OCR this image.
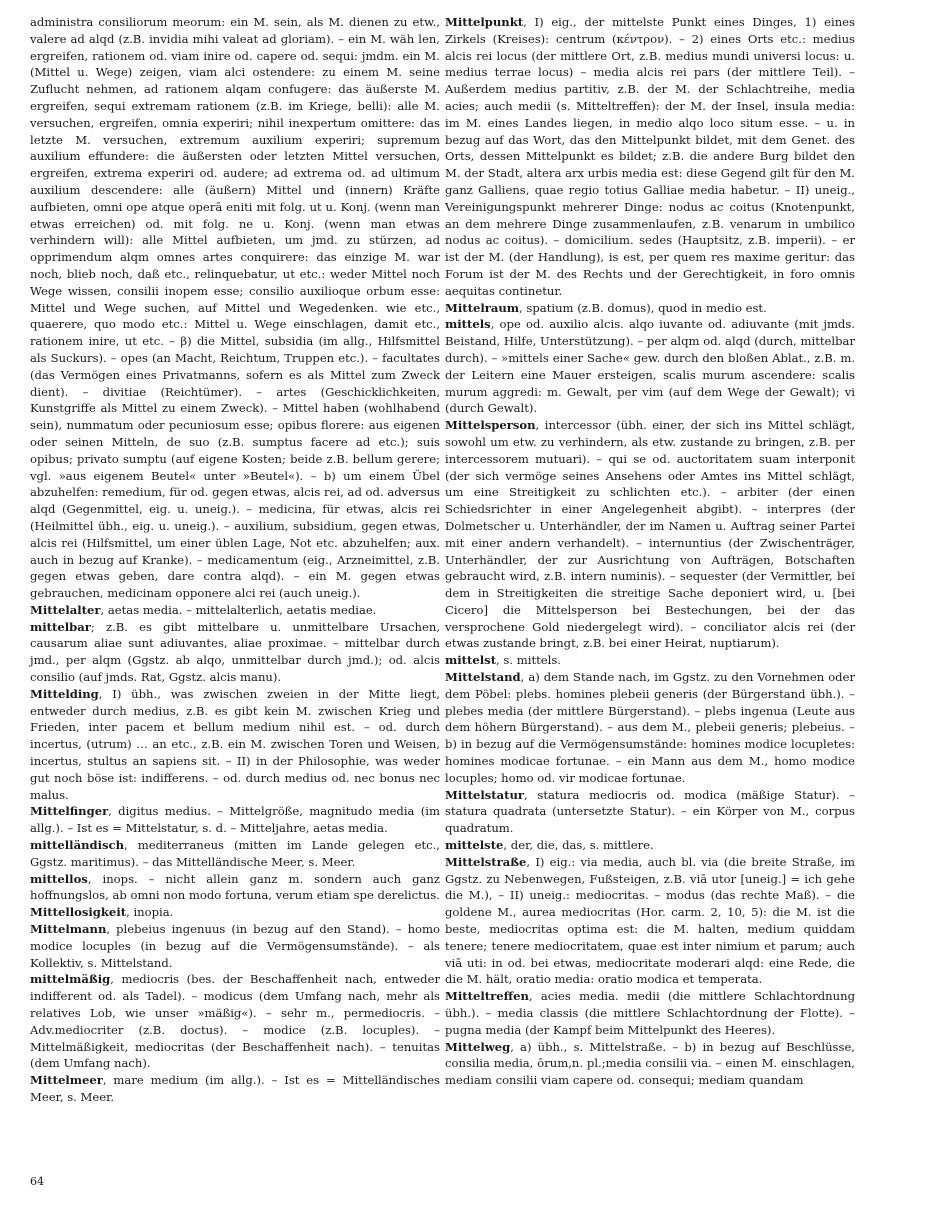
administra consiliorum meorum: ein M. sein, als M. dienen zu etw., valere ad alqd (z.B. invidia mihi valeat ad gloriam). – ein M. wäh len, ergreifen, rationem od. viam inire od. capere od. sequi: jmdm. ein M. (Mittel u. Wege) zeigen, viam alci ostendere: zu einem M. seine Zuflucht nehmen, ad rationem alqam confugere: das äußerste M. ergreifen, sequi extremam rationem (z.B. im Kriege, belli): alle M. versuchen, ergreifen, omnia experiri; nihil inexpertum omittere: das letzte M. versuchen, extremum auxilium experiri; supremum auxilium effundere: die äußersten oder letzten Mittel versuchen, ergreifen, extrema experiri od. audere; ad extrema od. ad ultimum auxilium descendere: alle (äußern) Mittel und (innern) Kräfte aufbieten, omni ope atque operā eniti mit folg. ut u. Konj. (wenn man etwas erreichen) od. mit folg. ne u. Konj. (wenn man etwas verhindern will): alle Mittel aufbieten, um jmd. zu stürzen, ad opprimendum alqm omnes artes conquirere: das einzige M. war noch, blieb noch, daß etc., relinquebatur, ut etc.: weder Mittel noch Wege wissen, consilii inopem esse; consilio auxilioque orbum esse: Mittel und Wege suchen, auf Mittel und Wegedenken. wie etc., quaerere, quo modo etc.: Mittel u. Wege einschlagen, damit etc., rationem inire, ut etc. – β) die Mittel, subsidia (im allg., Hilfsmittel als Suckurs). – opes (an Macht, Reichtum, Truppen etc.). – facultates (das Vermögen eines Privatmanns, sofern es als Mittel zum Zweck dient). – divitiae (Reichtümer). – artes (Geschicklichkeiten, Kunstgriffe als Mittel zu einem Zweck). – Mittel haben (wohlhabend sein), nummatum oder pecuniosum esse; opibus florere: aus eigenen oder seinen Mitteln, de suo (z.B. sumptus facere ad etc.); suis opibus; privato sumptu (auf eigene Kosten; beide z.B. bellum gerere; vgl. »aus eigenem Beutel« unter »Beutel«). – b) um einem Übel abzuhelfen: remedium, für od. gegen etwas, alcis rei, ad od. adversus alqd (Gegenmittel, eig. u. uneig.). – medicina, für etwas, alcis rei (Heilmittel übh., eig. u. uneig.). – auxilium, subsidium, gegen etwas, alcis rei (Hilfsmittel, um einer üblen Lage, Not etc. abzuhelfen; aux. auch in bezug auf Kranke). – medicamentum (eig., Arzneimittel, z.B. gegen etwas geben, dare contra alqd). – ein M. gegen etwas gebrauchen, medicinam opponere alci rei (auch uneig.).

Mittelalter, aetas media. – mittelalterlich, aetatis mediae.

mittelbar; z.B. es gibt mittelbare u. unmittelbare Ursachen, causarum aliae sunt adiuvantes, aliae proximae. – mittelbar durch jmd., per alqm (Ggstz. ab alqo, unmittelbar durch jmd.); od. alcis consilio (auf jmds. Rat, Ggstz. alcis manu).

Mittelding, I) übh., was zwischen zweien in der Mitte liegt, entweder durch medius, z.B. es gibt kein M. zwischen Krieg und Frieden, inter pacem et bellum medium nihil est. – od. durch incertus, (utrum) … an etc., z.B. ein M. zwischen Toren und Weisen, incertus, stultus an sapiens sit. – II) in der Philosophie, was weder gut noch böse ist: indifferens. – od. durch medius od. nec bonus nec malus.

Mittelfinger, digitus medius. – Mittelgröße, magnitudo media (im allg.). – Ist es = Mittelstatur, s. d. – Mitteljahre, aetas media.

mittelländisch, mediterraneus (mitten im Lande gelegen etc., Ggstz. maritimus). – das Mittelländische Meer, s. Meer.

mittellos, inops. – nicht allein ganz m. sondern auch ganz hoffnungslos, ab omni non modo fortuna, verum etiam spe derelictus.

Mittellosigkeit, inopia.

Mittelmann, plebeius ingenuus (in bezug auf den Stand). – homo modice locuples (in bezug auf die Vermögensumstände). – als Kollektiv, s. Mittelstand.

mittelmäßig, mediocris (bes. der Beschaffenheit nach, entweder indifferent od. als Tadel). – modicus (dem Umfang nach, mehr als relatives Lob, wie unser »mäßig«). – sehr m., permediocris. – Adv.mediocriter (z.B. doctus). – modice (z.B. locuples). – Mittelmäßigkeit, mediocritas (der Beschaffenheit nach). – tenuitas (dem Umfang nach).

Mittelmeer, mare medium (im allg.). – Ist es = Mittelländisches Meer, s. Meer.

Mittelpunkt, I) eig., der mittelste Punkt eines Dinges, 1) eines Zirkels (Kreises): centrum (κέντρον). – 2) eines Orts etc.: medius alcis rei locus (der mittlere Ort, z.B. medius mundi universi locus: u. medius terrae locus) – media alcis rei pars (der mittlere Teil). – Außerdem medius partitiv, z.B. der M. der Schlachtreihe, media acies; auch medii (s. Mitteltreffen): der M. der Insel, insula media: im M. eines Landes liegen, in medio alqo loco situm esse. – u. in bezug auf das Wort, das den Mittelpunkt bildet, mit dem Genet. des Orts, dessen Mittelpunkt es bildet; z.B. die andere Burg bildet den M. der Stadt, altera arx urbis media est: diese Gegend gilt für den M. ganz Galliens, quae regio totius Galliae media habetur. – II) uneig., Vereinigungspunkt mehrerer Dinge: nodus ac coitus (Knotenpunkt, an dem mehrere Dinge zusammenlaufen, z.B. venarum in umbilico nodus ac coitus). – domicilium. sedes (Hauptsitz, z.B. imperii). – er ist der M. (der Handlung), is est, per quem res maxime geritur: das Forum ist der M. des Rechts und der Gerechtigkeit, in foro omnis aequitas continetur.

Mittelraum, spatium (z.B. domus), quod in medio est.

mittels, ope od. auxilio alcis. alqo iuvante od. adiuvante (mit jmds. Beistand, Hilfe, Unterstützung). – per alqm od. alqd (durch, mittelbar durch). – »mittels einer Sache« gew. durch den bloßen Ablat., z.B. m. der Leitern eine Mauer ersteigen, scalis murum ascendere: scalis murum aggredi: m. Gewalt, per vim (auf dem Wege der Gewalt); vi (durch Gewalt).

Mittelsperson, intercessor (übh. einer, der sich ins Mittel schlägt, sowohl um etw. zu verhindern, als etw. zustande zu bringen, z.B. per intercessorem mutuari). – qui se od. auctoritatem suam interponit (der sich vermöge seines Ansehens oder Amtes ins Mittel schlägt, um eine Streitigkeit zu schlichten etc.). – arbiter (der einen Schiedsrichter in einer Angelegenheit abgibt). – interpres (der Dolmetscher u. Unterhändler, der im Namen u. Auftrag seiner Partei mit einer andern verhandelt). – internuntius (der Zwischenträger, Unterhändler, der zur Ausrichtung von Aufträgen, Botschaften gebraucht wird, z.B. intern numinis). – sequester (der Vermittler, bei dem in Streitigkeiten die streitige Sache deponiert wird, u. [bei Cicero] die Mittelsperson bei Bestechungen, bei der das versprochene Gold niedergelegt wird). – conciliator alcis rei (der etwas zustande bringt, z.B. bei einer Heirat, nuptiarum).

mittelst, s. mittels.

Mittelstand, a) dem Stande nach, im Ggstz. zu den Vornehmen oder dem Pöbel: plebs. homines plebeii generis (der Bürgerstand übh.). – plebes media (der mittlere Bürgerstand). – plebs ingenua (Leute aus dem höhern Bürgerstand). – aus dem M., plebeii generis; plebeius. – b) in bezug auf die Vermögensumstände: homines modice locupletes: homines modicae fortunae. – ein Mann aus dem M., homo modice locuples; homo od. vir modicae fortunae.

Mittelstatur, statura mediocris od. modica (mäßige Statur). – statura quadrata (untersetzte Statur). – ein Körper von M., corpus quadratum.

mittelste, der, die, das, s. mittlere.

Mittelstraße, I) eig.: via media, auch bl. via (die breite Straße, im Ggstz. zu Nebenwegen, Fußsteigen, z.B. viā utor [uneig.] = ich gehe die M.), – II) uneig.: mediocritas. – modus (das rechte Maß). – die goldene M., aurea mediocritas (Hor. carm. 2, 10, 5): die M. ist die beste, mediocritas optima est: die M. halten, medium quiddam tenere; tenere mediocritatem, quae est inter nimium et parum; auch viā uti: in od. bei etwas, mediocritate moderari alqd: eine Rede, die die M. hält, oratio media: oratio modica et temperata.

Mitteltreffen, acies media. medii (die mittlere Schlachtordnung übh.). – media classis (die mittlere Schlachtordnung der Flotte). – pugna media (der Kampf beim Mittelpunkt des Heeres).

Mittelweg, a) übh., s. Mittelstraße. – b) in bezug auf Beschlüsse, consilia media, ōrum,n. pl.;media consilii via. – einen M. einschlagen, mediam consilii viam capere od. consequi; mediam quandam

64
